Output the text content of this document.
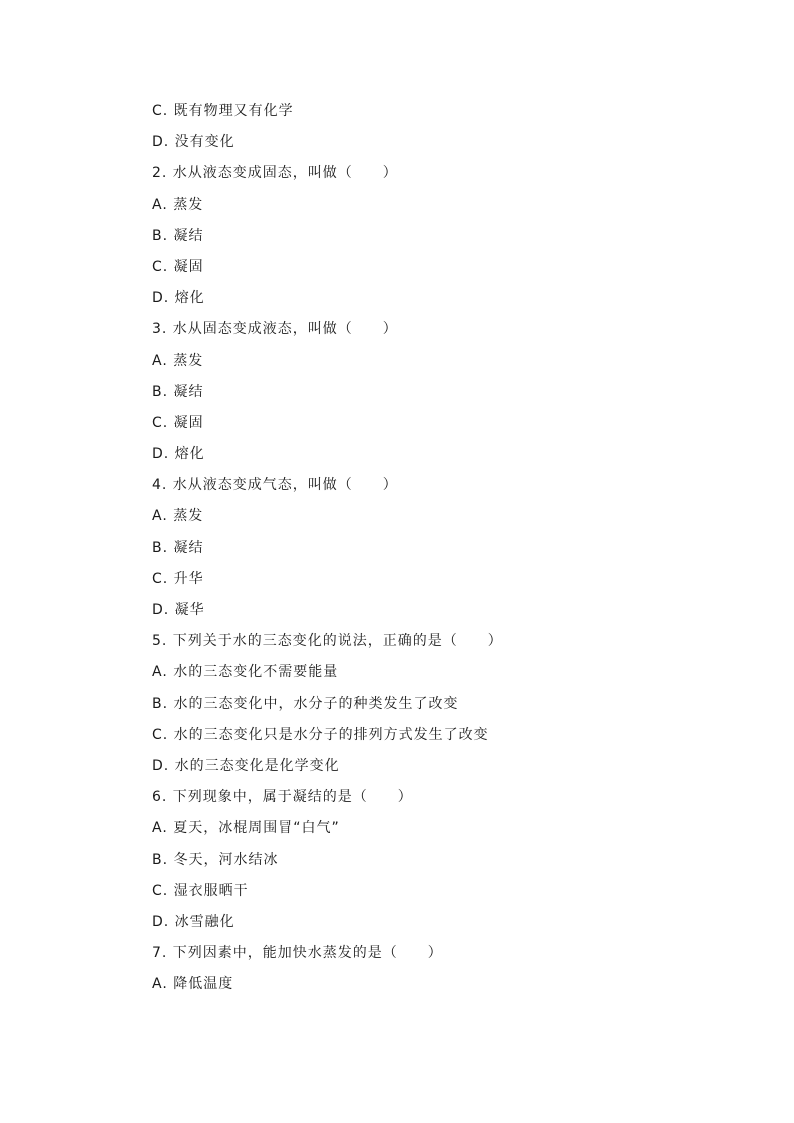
C. 既有物理又有化学
D. 没有变化
2. 水从液态变成固态，叫做（　　）
A. 蒸发
B. 凝结
C. 凝固
D. 熔化
3. 水从固态变成液态，叫做（　　）
A. 蒸发
B. 凝结
C. 凝固
D. 熔化
4. 水从液态变成气态，叫做（　　）
A. 蒸发
B. 凝结
C. 升华
D. 凝华
5. 下列关于水的三态变化的说法，正确的是（　　）
A. 水的三态变化不需要能量
B. 水的三态变化中，水分子的种类发生了改变
C. 水的三态变化只是水分子的排列方式发生了改变
D. 水的三态变化是化学变化
6. 下列现象中，属于凝结的是（　　）
A. 夏天，冰棍周围冒“白气”
B. 冬天，河水结冰
C. 湿衣服晒干
D. 冰雪融化
7. 下列因素中，能加快水蒸发的是（　　）
A. 降低温度
